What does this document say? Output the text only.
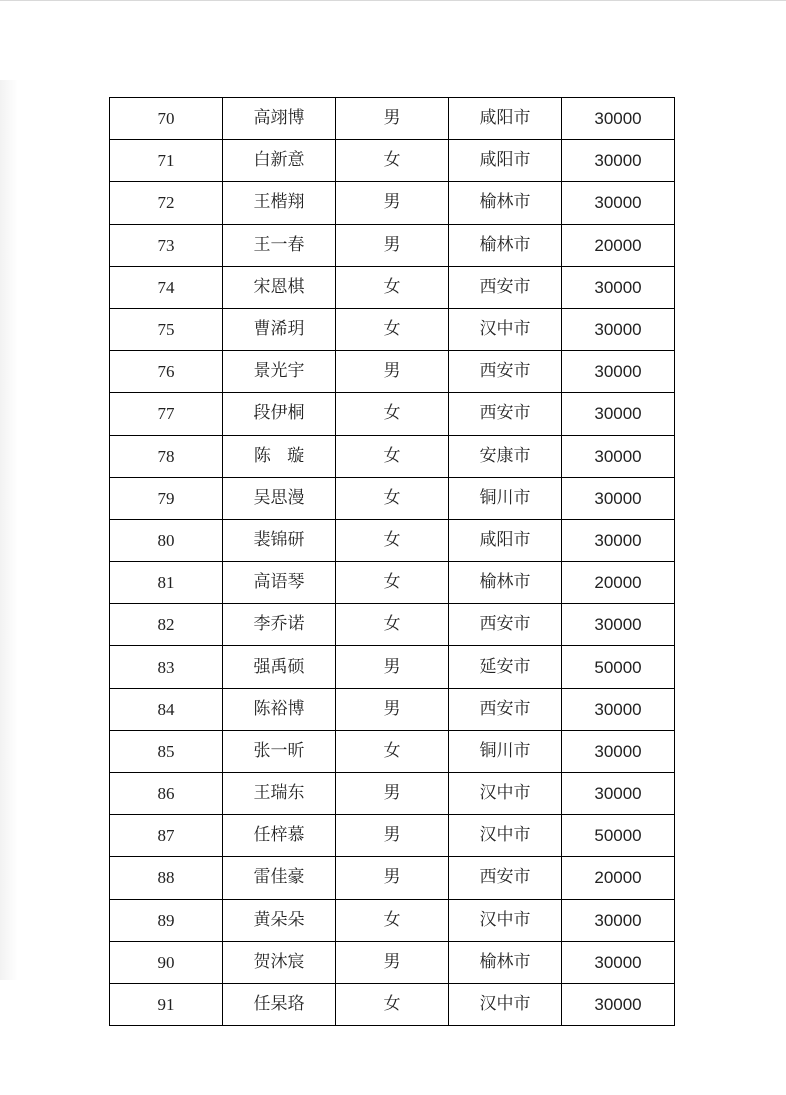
70	高翊博	男	咸阳市	30000
71	白新意	女	咸阳市	30000
72	王楷翔	男	榆林市	30000
73	王一春	男	榆林市	20000
74	宋恩棋	女	西安市	30000
75	曹浠玥	女	汉中市	30000
76	景光宇	男	西安市	30000
77	段伊桐	女	西安市	30000
78	陈   璇	女	安康市	30000
79	吴思漫	女	铜川市	30000
80	裴锦研	女	咸阳市	30000
81	高语琴	女	榆林市	20000
82	李乔诺	女	西安市	30000
83	强禹硕	男	延安市	50000
84	陈裕博	男	西安市	30000
85	张一昕	女	铜川市	30000
86	王瑞东	男	汉中市	30000
87	任梓慕	男	汉中市	50000
88	雷佳豪	男	西安市	20000
89	黄朵朵	女	汉中市	30000
90	贺沐宸	男	榆林市	30000
91	任杲珞	女	汉中市	30000
